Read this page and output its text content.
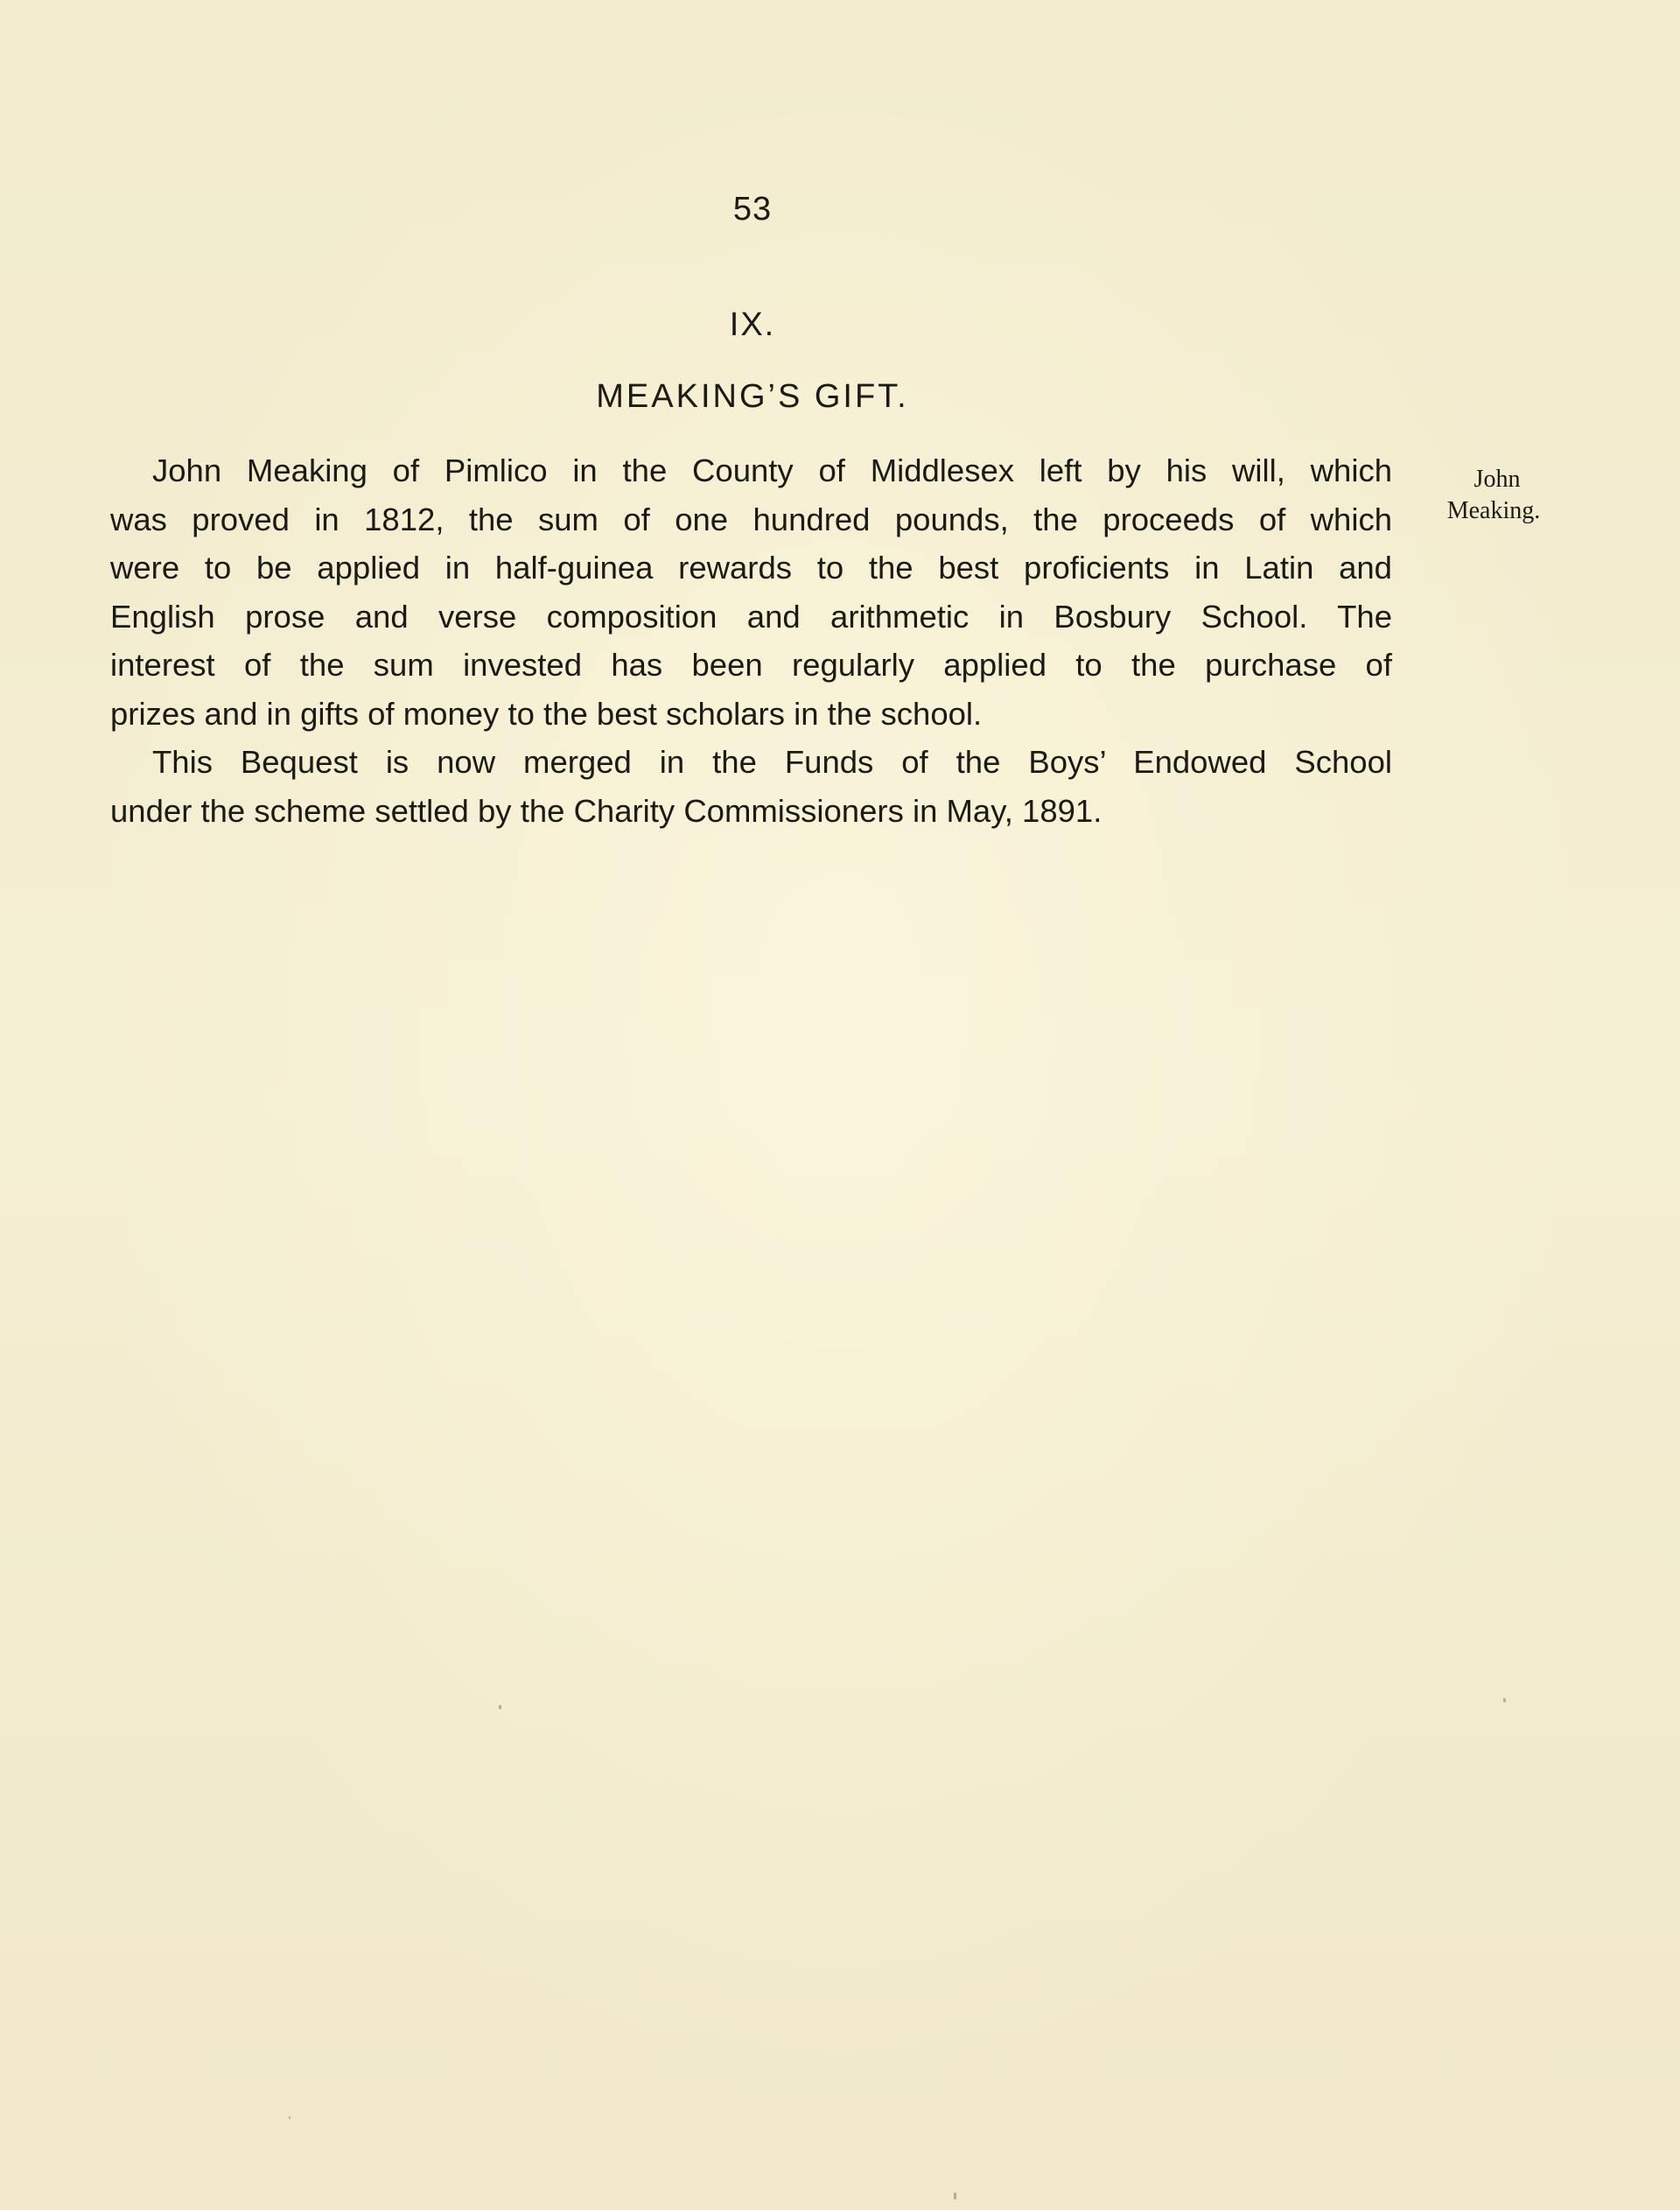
53
IX.
MEAKING’S GIFT.
John Meaking of Pimlico in the County of Middlesex left by his will, which
was proved in 1812, the sum of one hundred pounds, the proceeds of which
were to be applied in half-guinea rewards to the best proficients in Latin and
English prose and verse composition and arithmetic in Bosbury School. The
interest of the sum invested has been regularly applied to the purchase of
prizes and in gifts of money to the best scholars in the school.
This Bequest is now merged in the Funds of the Boys’ Endowed School
under the scheme settled by the Charity Commissioners in May, 1891.
John
Meaking.
